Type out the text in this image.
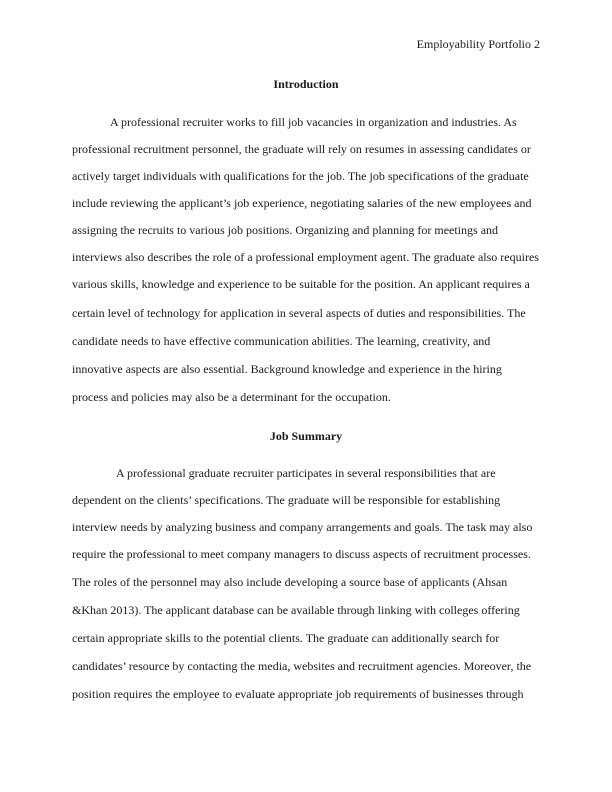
Employability Portfolio 2
Introduction
A professional recruiter works to fill job vacancies in organization and industries. As
professional recruitment personnel, the graduate will rely on resumes in assessing candidates or
actively target individuals with qualifications for the job. The job specifications of the graduate
include reviewing the applicant’s job experience, negotiating salaries of the new employees and
assigning the recruits to various job positions. Organizing and planning for meetings and
interviews also describes the role of a professional employment agent. The graduate also requires
various skills, knowledge and experience to be suitable for the position. An applicant requires a
certain level of technology for application in several aspects of duties and responsibilities. The
candidate needs to have effective communication abilities. The learning, creativity, and
innovative aspects are also essential. Background knowledge and experience in the hiring
process and policies may also be a determinant for the occupation.
Job Summary
A professional graduate recruiter participates in several responsibilities that are
dependent on the clients’ specifications. The graduate will be responsible for establishing
interview needs by analyzing business and company arrangements and goals. The task may also
require the professional to meet company managers to discuss aspects of recruitment processes.
The roles of the personnel may also include developing a source base of applicants (Ahsan
&Khan 2013). The applicant database can be available through linking with colleges offering
certain appropriate skills to the potential clients. The graduate can additionally search for
candidates’ resource by contacting the media, websites and recruitment agencies. Moreover, the
position requires the employee to evaluate appropriate job requirements of businesses through
